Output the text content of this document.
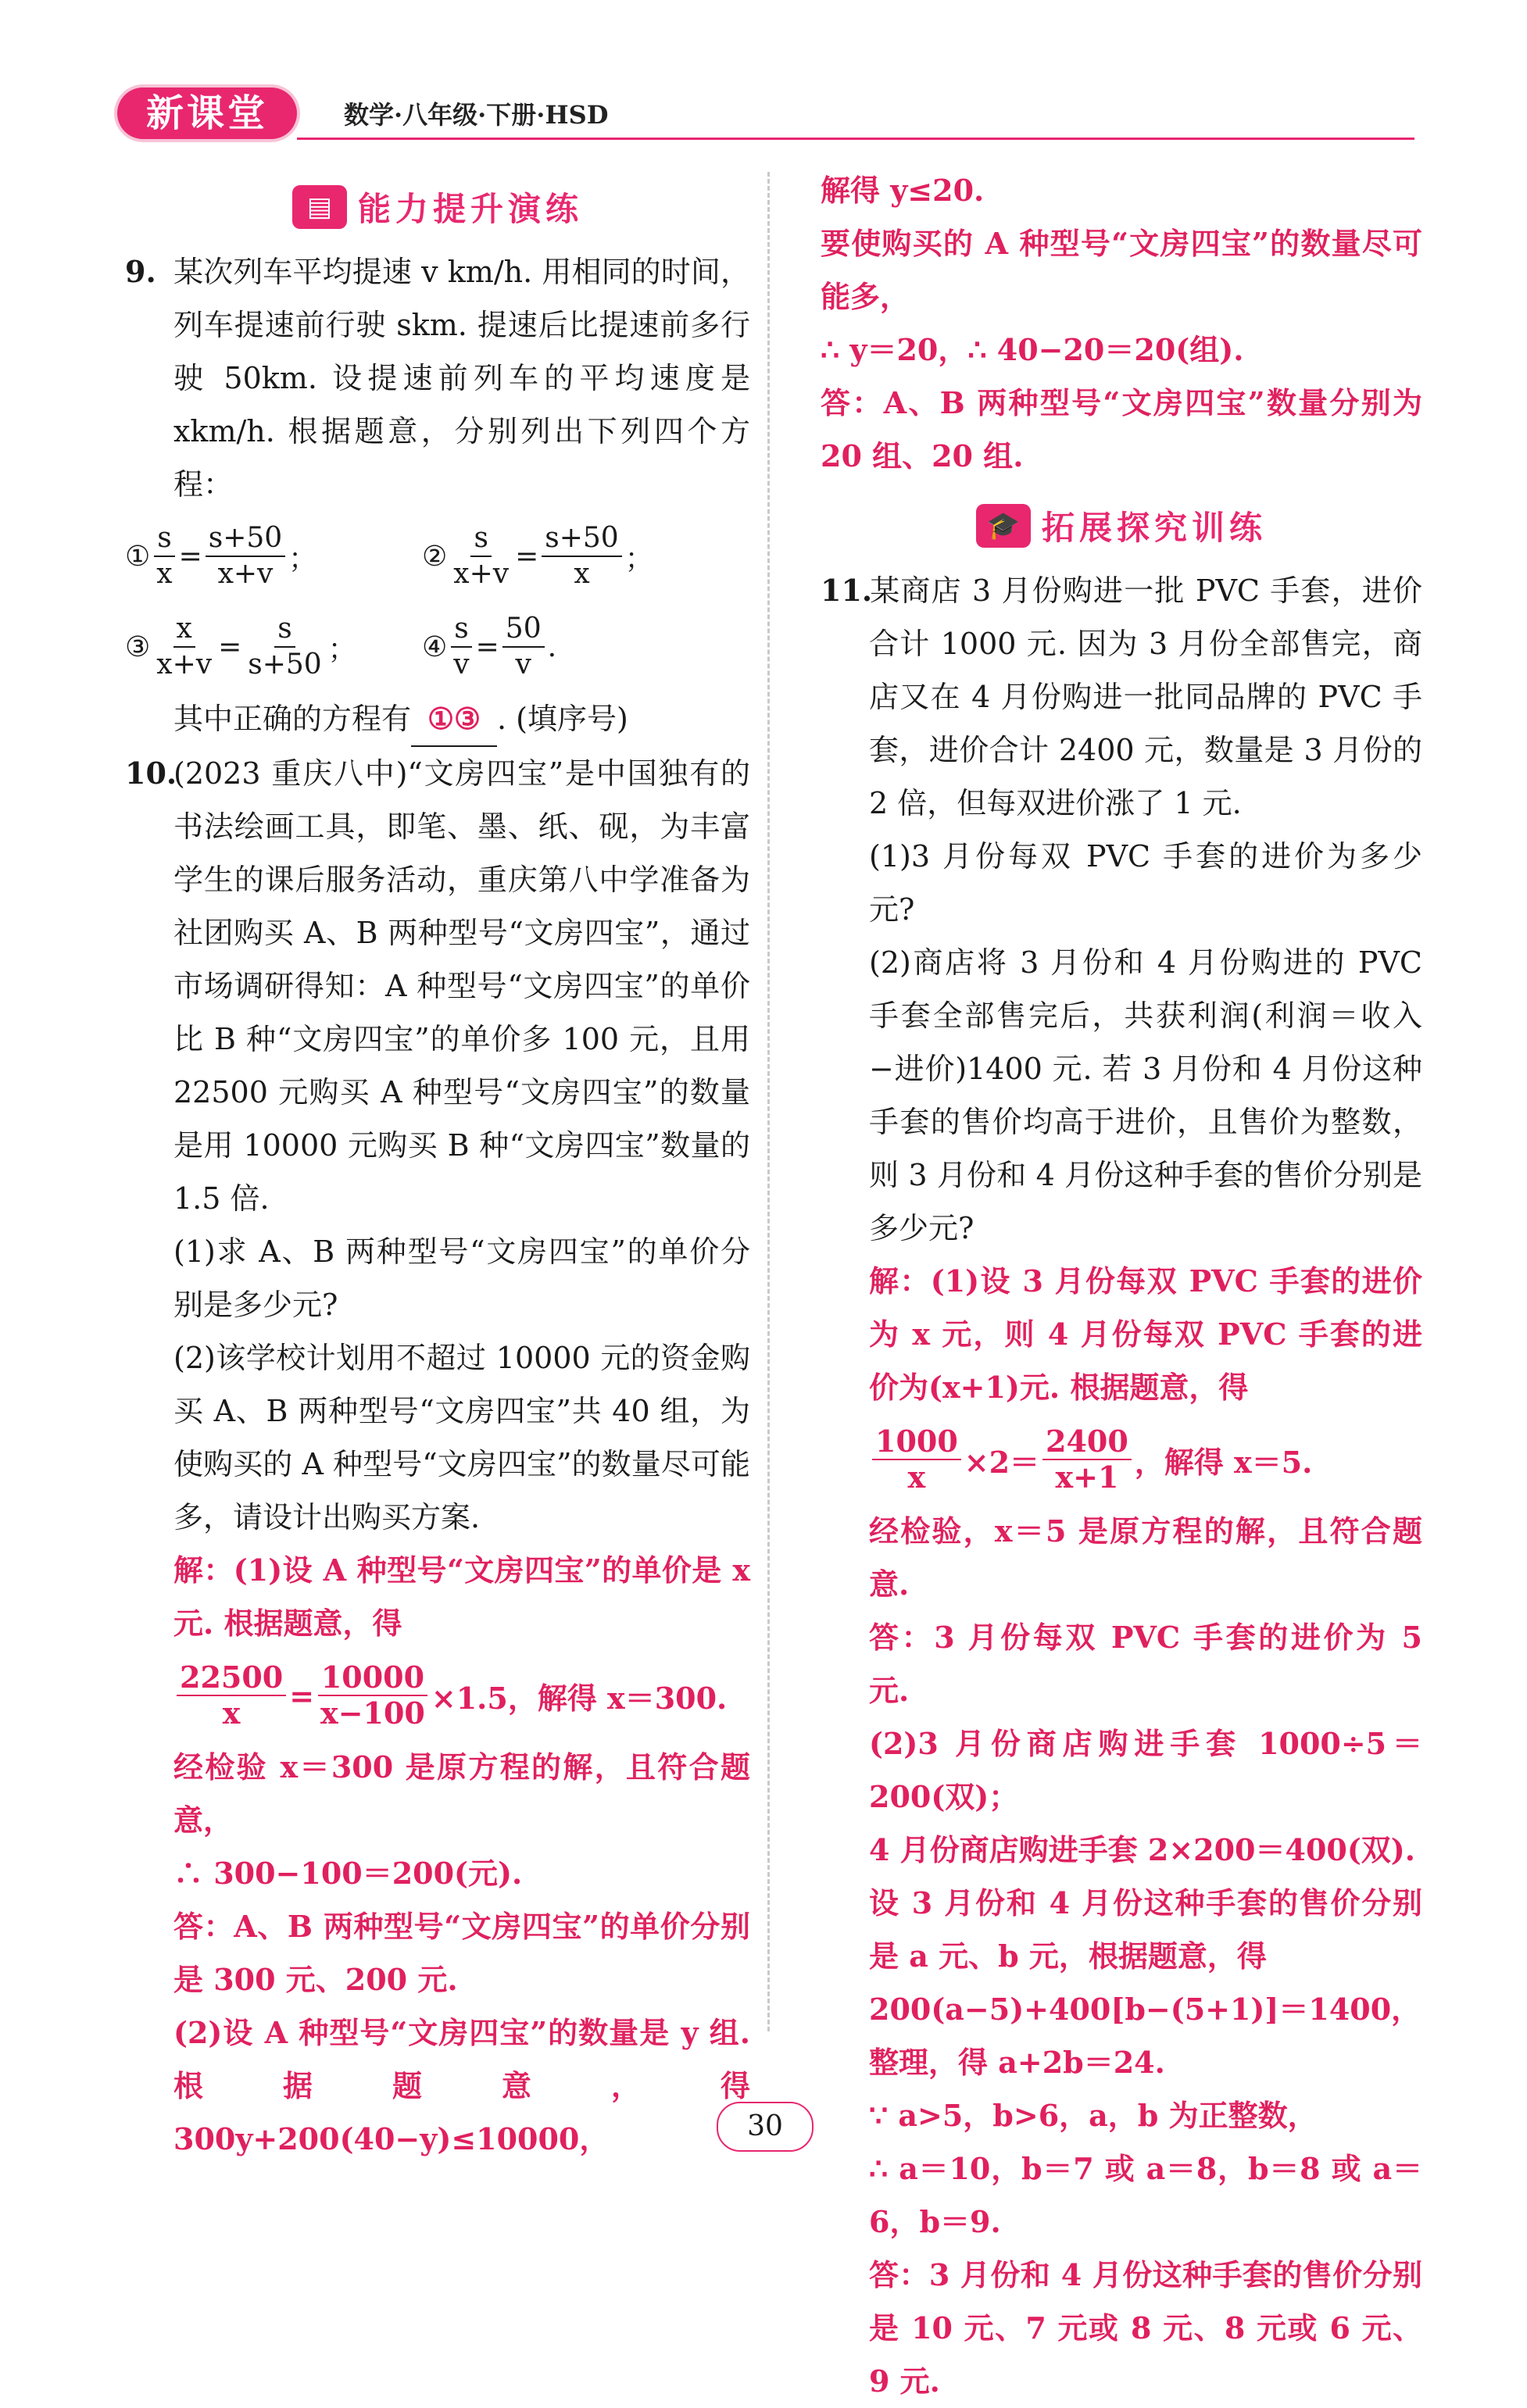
新课堂	数学·八年级·下册·HSD
▤ 能力提升演练

9. 某次列车平均提速 v km/h. 用相同的时间，列车提速前行驶 skm. 提速后比提速前多行驶 50km. 设提速前列车的平均速度是 xkm/h. 根据题意，分别列出下列四个方程：

① $\frac{s}{x} = \frac{s+50}{x+v}$ ；	② $\frac{s}{x+v} = \frac{s+50}{x}$ ；
③ $\frac{x}{x+v} = \frac{s}{s+50}$ ； ④ $\frac{s}{v} = \frac{50}{v}$ .

其中正确的方程有 ①③ . (填序号)

10.(2023 重庆八中)“文房四宝”是中国独有的书法绘画工具，即笔、墨、纸、砚，为丰富学生的课后服务活动，重庆第八中学准备为社团购买 A、B 两种型号“文房四宝”，通过市场调研得知：A 种型号“文房四宝”的单价比 B 种“文房四宝”的单价多 100 元，且用 22500 元购买 A 种型号“文房四宝”的数量是用 10000 元购买 B 种“文房四宝”数量的 1.5 倍.

(1)求 A、B 两种型号“文房四宝”的单价分别是多少元?

(2)该学校计划用不超过 10000 元的资金购买 A、B 两种型号“文房四宝”共 40 组，为使购买的 A 种型号“文房四宝”的数量尽可能多，请设计出购买方案.

解：(1)设 A 种型号“文房四宝”的单价是 x 元. 根据题意，得

$\frac{22500}{x} = \frac{10000}{x-100} \times 1.5$，解得 x＝300.

经检验 x＝300 是原方程的解，且符合题意，

∴ 300−100＝200(元).

答：A、B 两种型号“文房四宝”的单价分别是 300 元、200 元.

(2)设 A 种型号“文房四宝”的数量是 y 组. 根据题意，得 300y+200(40−y)≤10000，

解得 y≤20.

要使购买的 A 种型号“文房四宝”的数量尽可能多，

∴ y＝20，∴ 40−20＝20(组).

答：A、B 两种型号“文房四宝”数量分别为 20 组、20 组.

🎓 拓展探究训练

11.某商店 3 月份购进一批 PVC 手套，进价合计 1000 元. 因为 3 月份全部售完，商店又在 4 月份购进一批同品牌的 PVC 手套，进价合计 2400 元，数量是 3 月份的 2 倍，但每双进价涨了 1 元.

(1)3 月份每双 PVC 手套的进价为多少元?

(2)商店将 3 月份和 4 月份购进的 PVC 手套全部售完后，共获利润(利润＝收入−进价)1400 元. 若 3 月份和 4 月份这种手套的售价均高于进价，且售价为整数，则 3 月份和 4 月份这种手套的售价分别是多少元?

解：(1)设 3 月份每双 PVC 手套的进价为 x 元，则 4 月份每双 PVC 手套的进价为(x+1)元. 根据题意，得

$\frac{1000}{x} \times 2= \frac{2400}{x+1}$ ，解得 x＝5.

经检验，x＝5 是原方程的解，且符合题意.

答：3 月份每双 PVC 手套的进价为 5 元.

(2)3 月份商店购进手套 1000÷5＝200(双)；

4 月份商店购进手套 2×200＝400(双).

设 3 月份和 4 月份这种手套的售价分别是 a 元、b 元，根据题意，得

200(a−5)+400[b−(5+1)]＝1400，

整理，得 a+2b＝24.

∵ a>5，b>6，a，b 为正整数，

∴ a＝10，b＝7 或 a＝8，b＝8 或 a＝6，b＝9.

答：3 月份和 4 月份这种手套的售价分别是 10 元、7 元或 8 元、8 元或 6 元、9 元.

30
